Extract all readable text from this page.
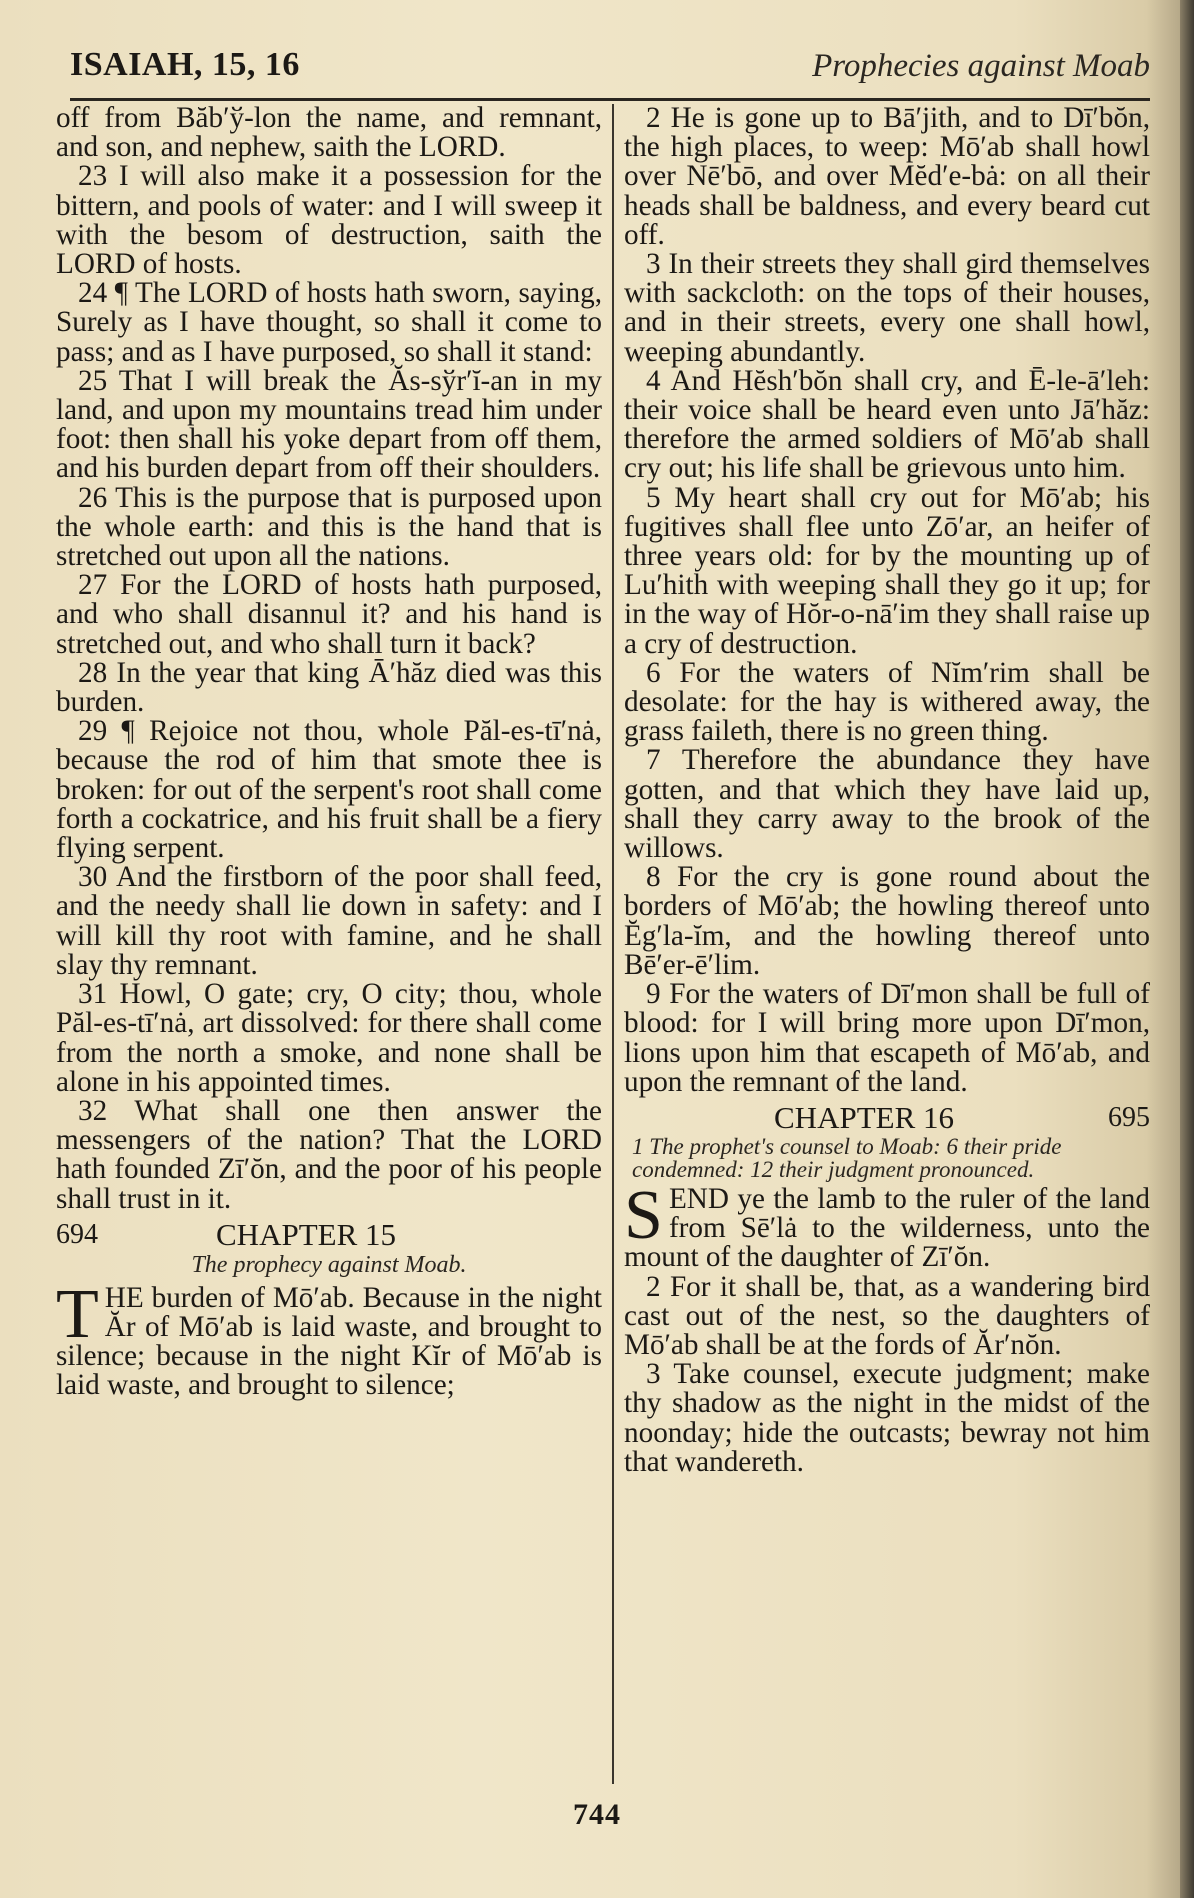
ISAIAH, 15, 16	Prophecies against Moab

off from Băb′ў-lon the name, and remnant, and son, and nephew, saith the LORD.

23 I will also make it a possession for the bittern, and pools of water: and I will sweep it with the besom of destruction, saith the LORD of hosts.

24 ¶ The LORD of hosts hath sworn, saying, Surely as I have thought, so shall it come to pass; and as I have purposed, so shall it stand:

25 That I will break the Ăs-sўr′ĭ-an in my land, and upon my mountains tread him under foot: then shall his yoke depart from off them, and his burden depart from off their shoulders.

26 This is the purpose that is purposed upon the whole earth: and this is the hand that is stretched out upon all the nations.

27 For the LORD of hosts hath purposed, and who shall disannul it? and his hand is stretched out, and who shall turn it back?

28 In the year that king Ā′hăz died was this burden.

29 ¶ Rejoice not thou, whole Păl-es-tī′nȧ, because the rod of him that smote thee is broken: for out of the serpent's root shall come forth a cockatrice, and his fruit shall be a fiery flying serpent.

30 And the firstborn of the poor shall feed, and the needy shall lie down in safety: and I will kill thy root with famine, and he shall slay thy remnant.

31 Howl, O gate; cry, O city; thou, whole Păl-es-tī′nȧ, art dissolved: for there shall come from the north a smoke, and none shall be alone in his appointed times.

32 What shall one then answer the messengers of the nation? That the LORD hath founded Zī′ŏn, and the poor of his people shall trust in it.

694	CHAPTER 15

The prophecy against Moab.

THE burden of Mō′ab. Because in the night Ăr of Mō′ab is laid waste, and brought to silence; because in the night Kĭr of Mō′ab is laid waste, and brought to silence;

2 He is gone up to Bā′jith, and to Dī′bŏn, the high places, to weep: Mō′ab shall howl over Nē′bō, and over Mĕd′e-bȧ: on all their heads shall be baldness, and every beard cut off.

3 In their streets they shall gird themselves with sackcloth: on the tops of their houses, and in their streets, every one shall howl, weeping abundantly.

4 And Hĕsh′bŏn shall cry, and Ē-le-ā′leh: their voice shall be heard even unto Jā′hăz: therefore the armed soldiers of Mō′ab shall cry out; his life shall be grievous unto him.

5 My heart shall cry out for Mō′ab; his fugitives shall flee unto Zō′ar, an heifer of three years old: for by the mounting up of Lu′hith with weeping shall they go it up; for in the way of Hŏr-o-nā′im they shall raise up a cry of destruction.

6 For the waters of Nĭm′rim shall be desolate: for the hay is withered away, the grass faileth, there is no green thing.

7 Therefore the abundance they have gotten, and that which they have laid up, shall they carry away to the brook of the willows.

8 For the cry is gone round about the borders of Mō′ab; the howling thereof unto Ĕg′la-ĭm, and the howling thereof unto Bē′er-ē′lim.

9 For the waters of Dī′mon shall be full of blood: for I will bring more upon Dī′mon, lions upon him that escapeth of Mō′ab, and upon the remnant of the land.

CHAPTER 16	695

1 The prophet's counsel to Moab: 6 their pride condemned: 12 their judgment pronounced.

SEND ye the lamb to the ruler of the land from Sē′lȧ to the wilderness, unto the mount of the daughter of Zī′ŏn.

2 For it shall be, that, as a wandering bird cast out of the nest, so the daughters of Mō′ab shall be at the fords of Ăr′nŏn.

3 Take counsel, execute judgment; make thy shadow as the night in the midst of the noonday; hide the outcasts; bewray not him that wandereth.

744
